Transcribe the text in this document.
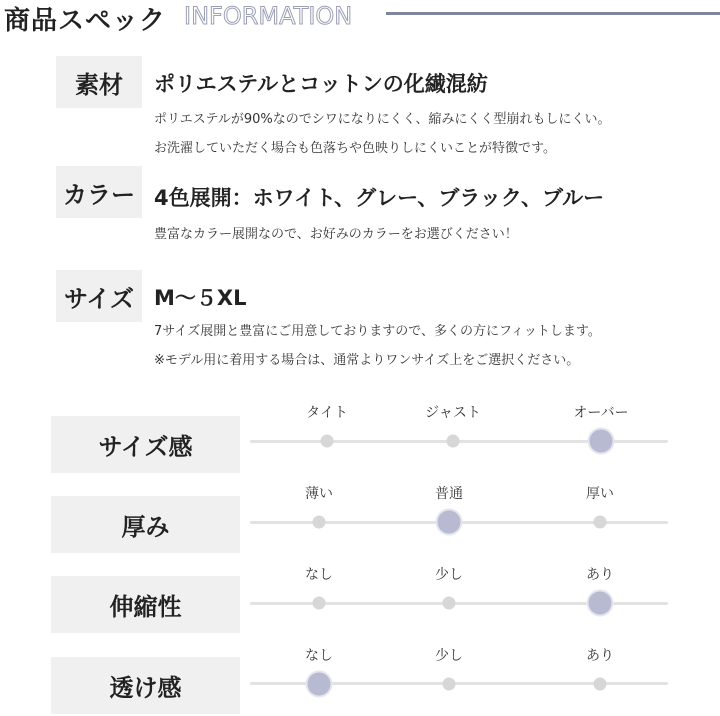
商品スペック INFORMATION
素材	ポリエステルとコットンの化繊混紡
ポリエステルが90%なのでシワになりにくく、縮みにくく型崩れもしにくい。
お洗濯していただく場合も色落ちや色映りしにくいことが特徴です。
カラー 4色展開：ホワイト、グレー、ブラック、ブルー
豊富なカラー展開なので、お好みのカラーをお選びください！
サイズ M〜５XL
7サイズ展開と豊富にご用意しておりますので、多くの方にフィットします。
※モデル用に着用する場合は、通常よりワンサイズ上をご選択ください。
サイズ感
タイト	ジャスト	オーバー
厚み
薄い	普通	厚い
伸縮性
なし	少し	あり
透け感
なし	少し	あり
